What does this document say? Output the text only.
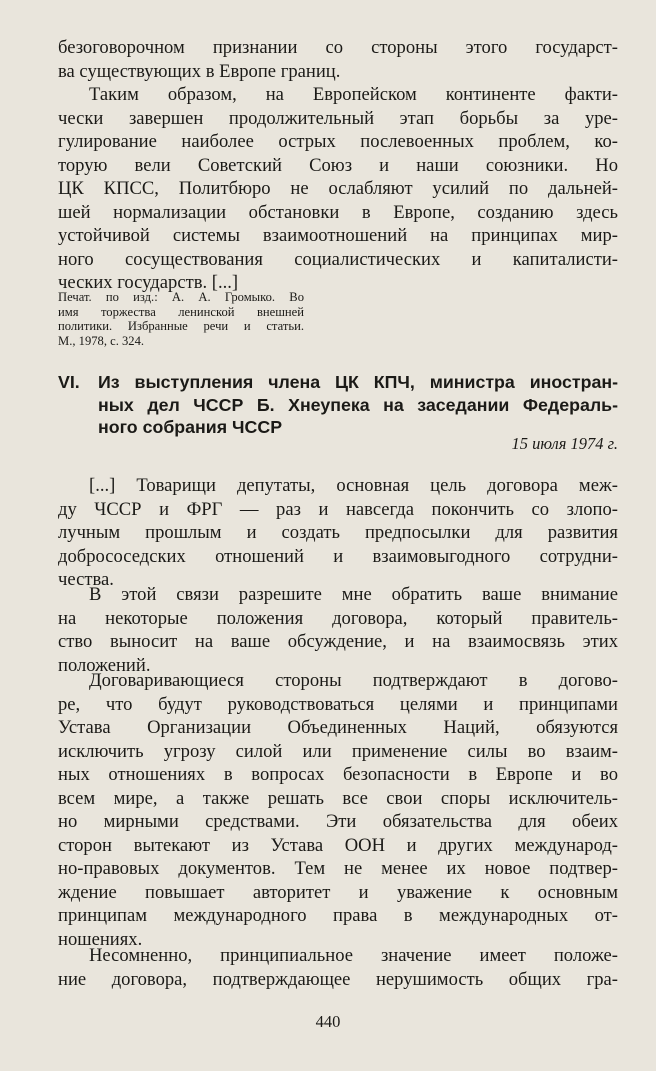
безоговорочном признании со стороны этого государст-
ва существующих в Европе границ.

Таким образом, на Европейском континенте факти-
чески завершен продолжительный этап борьбы за уре-
гулирование наиболее острых послевоенных проблем, ко-
торую вели Советский Союз и наши союзники. Но
ЦК КПСС, Политбюро не ослабляют усилий по дальней-
шей нормализации обстановки в Европе, созданию здесь
устойчивой системы взаимоотношений на принципах мир-
ного сосуществования социалистических и капиталисти-
ческих государств. [...]

Печат. по изд.: А. А. Громыко. Во
имя торжества ленинской внешней
политики. Избранные речи и статьи.
М., 1978, с. 324.

VI. Из выступления члена ЦК КПЧ, министра иностран-
ных дел ЧССР Б. Хнеупека на заседании Федераль-
ного собрания ЧССР

15 июля 1974 г.

[...] Товарищи депутаты, основная цель договора меж-
ду ЧССР и ФРГ — раз и навсегда покончить со злопо-
лучным прошлым и создать предпосылки для развития
добрососедских отношений и взаимовыгодного сотрудни-
чества.

В этой связи разрешите мне обратить ваше внимание
на некоторые положения договора, который правитель-
ство выносит на ваше обсуждение, и на взаимосвязь этих
положений.

Договаривающиеся стороны подтверждают в догово-
ре, что будут руководствоваться целями и принципами
Устава Организации Объединенных Наций, обязуются
исключить угрозу силой или применение силы во взаим-
ных отношениях в вопросах безопасности в Европе и во
всем мире, а также решать все свои споры исключитель-
но мирными средствами. Эти обязательства для обеих
сторон вытекают из Устава ООН и других международ-
но-правовых документов. Тем не менее их новое подтвер-
ждение повышает авторитет и уважение к основным
принципам международного права в международных от-
ношениях.

Несомненно, принципиальное значение имеет положе-
ние договора, подтверждающее нерушимость общих гра-

440
